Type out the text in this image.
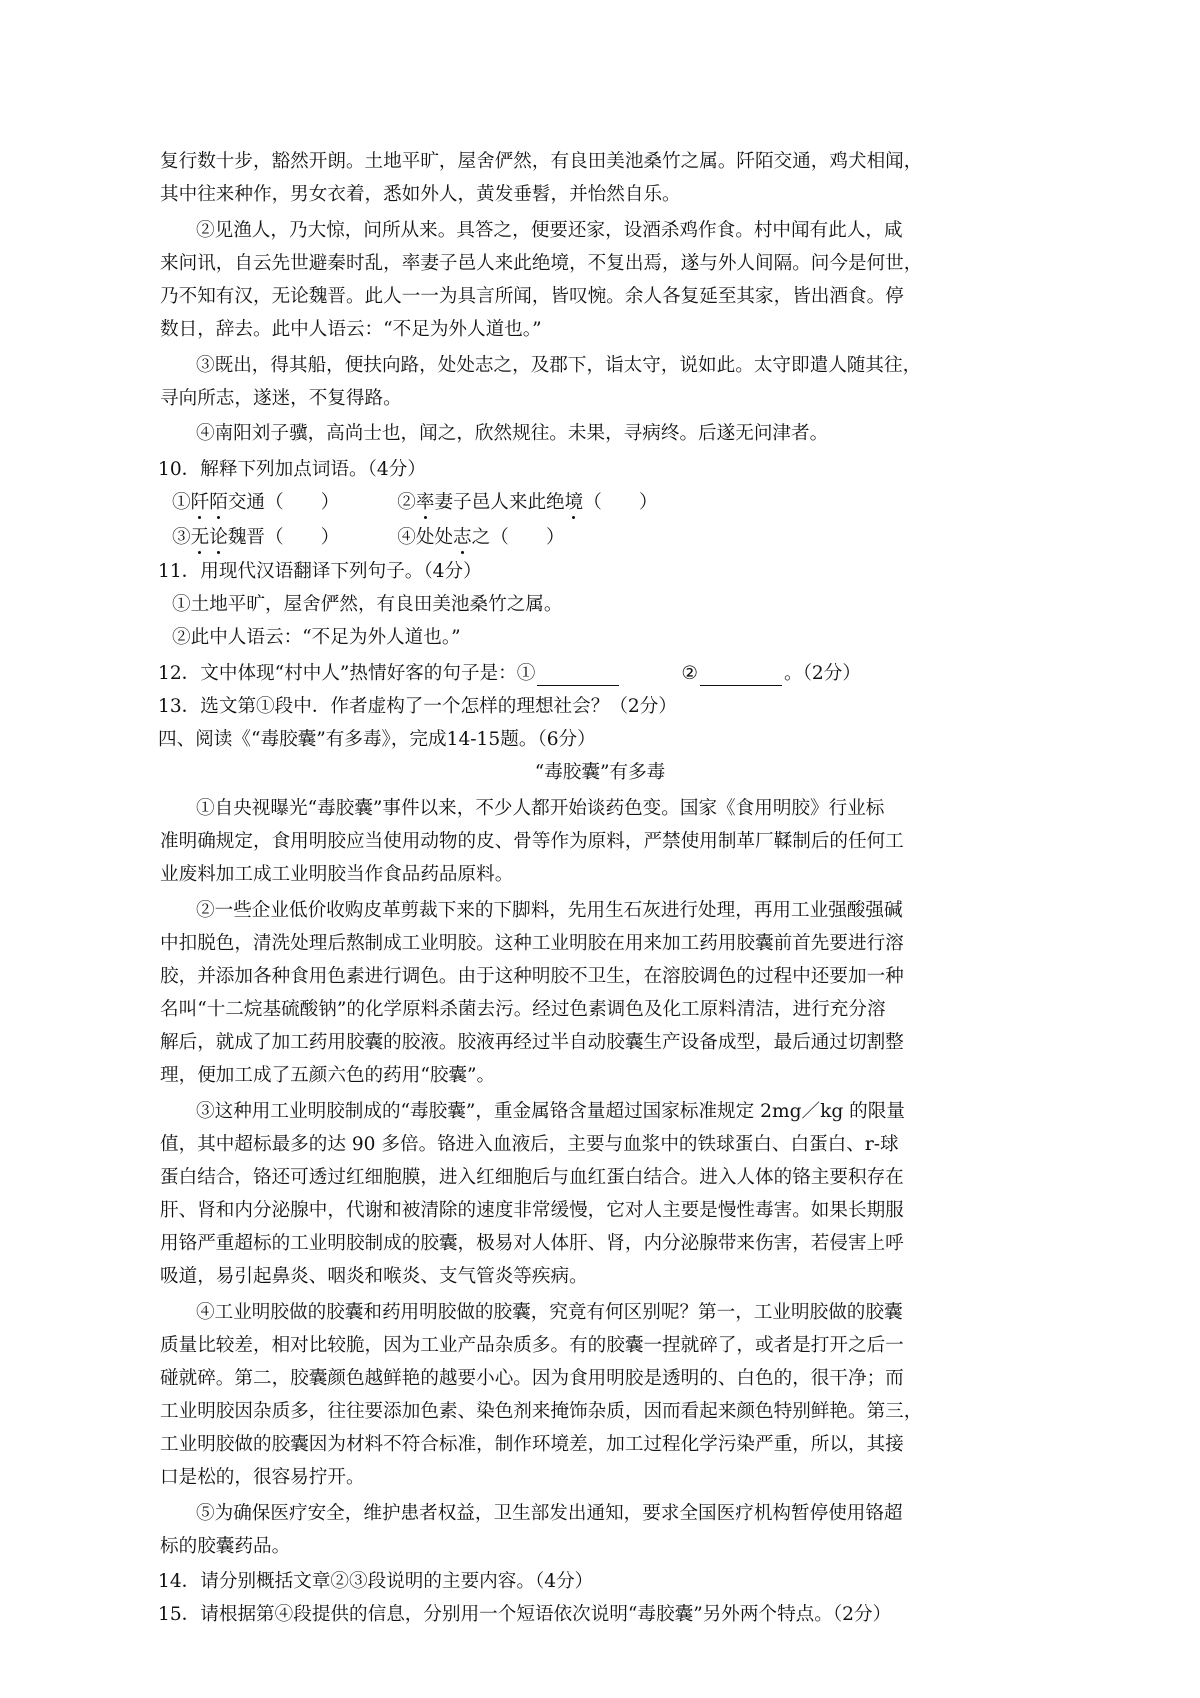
复行数十步，豁然开朗。土地平旷，屋舍俨然，有良田美池桑竹之属。阡陌交通，鸡犬相闻，
其中往来种作，男女衣着，悉如外人，黄发垂髫，并怡然自乐。
②见渔人，乃大惊，问所从来。具答之，便要还家，设酒杀鸡作食。村中闻有此人，咸
来问讯，自云先世避秦时乱，率妻子邑人来此绝境，不复出焉，遂与外人间隔。问今是何世，
乃不知有汉，无论魏晋。此人一一为具言所闻，皆叹惋。余人各复延至其家，皆出酒食。停
数日，辞去。此中人语云：“不足为外人道也。”
③既出，得其船，便扶向路，处处志之，及郡下，诣太守，说如此。太守即遣人随其往，
寻向所志，遂迷，不复得路。
④南阳刘子骥，高尚士也，闻之，欣然规往。未果，寻病终。后遂无问津者。
10．解释下列加点词语。（4分）
①阡陌交通（　　）	②率妻子邑人来此绝境（　　）
③无论魏晋（　　）	④处处志之（　　）
11．用现代汉语翻译下列句子。（4分）
①土地平旷，屋舍俨然，有良田美池桑竹之属。
②此中人语云：“不足为外人道也。”
12．文中体现“村中人”热情好客的句子是：①	②	。（2分）
13．选文第①段中．作者虚构了一个怎样的理想社会？（2分）
四、阅读《“毒胶囊”有多毒》，完成14-15题。（6分）
“毒胶囊”有多毒
①自央视曝光“毒胶囊”事件以来，不少人都开始谈药色变。国家《食用明胶》行业标
准明确规定，食用明胶应当使用动物的皮、骨等作为原料，严禁使用制革厂鞣制后的任何工
业废料加工成工业明胶当作食品药品原料。
②一些企业低价收购皮革剪裁下来的下脚料，先用生石灰进行处理，再用工业强酸强碱
中扣脱色，清洗处理后熬制成工业明胶。这种工业明胶在用来加工药用胶囊前首先要进行溶
胶，并添加各种食用色素进行调色。由于这种明胶不卫生，在溶胶调色的过程中还要加一种
名叫“十二烷基硫酸钠”的化学原料杀菌去污。经过色素调色及化工原料清洁，进行充分溶
解后，就成了加工药用胶囊的胶液。胶液再经过半自动胶囊生产设备成型，最后通过切割整
理，便加工成了五颜六色的药用“胶囊”。
③这种用工业明胶制成的“毒胶囊”，重金属铬含量超过国家标准规定 2mg／kg 的限量
值，其中超标最多的达 90 多倍。铬进入血液后，主要与血浆中的铁球蛋白、白蛋白、r-球
蛋白结合，铬还可透过红细胞膜，进入红细胞后与血红蛋白结合。进入人体的铬主要积存在
肝、肾和内分泌腺中，代谢和被清除的速度非常缓慢，它对人主要是慢性毒害。如果长期服
用铬严重超标的工业明胶制成的胶囊，极易对人体肝、肾，内分泌腺带来伤害，若侵害上呼
吸道，易引起鼻炎、咽炎和喉炎、支气管炎等疾病。
④工业明胶做的胶囊和药用明胶做的胶囊，究竟有何区别呢？第一，工业明胶做的胶囊
质量比较差，相对比较脆，因为工业产品杂质多。有的胶囊一捏就碎了，或者是打开之后一
碰就碎。第二，胶囊颜色越鲜艳的越要小心。因为食用明胶是透明的、白色的，很干净；而
工业明胶因杂质多，往往要添加色素、染色剂来掩饰杂质，因而看起来颜色特别鲜艳。第三，
工业明胶做的胶囊因为材料不符合标准，制作环境差，加工过程化学污染严重，所以，其接
口是松的，很容易拧开。
⑤为确保医疗安全，维护患者权益，卫生部发出通知，要求全国医疗机构暂停使用铬超
标的胶囊药品。
14．请分别概括文章②③段说明的主要内容。（4分）
15．请根据第④段提供的信息，分别用一个短语依次说明“毒胶囊”另外两个特点。（2分）
